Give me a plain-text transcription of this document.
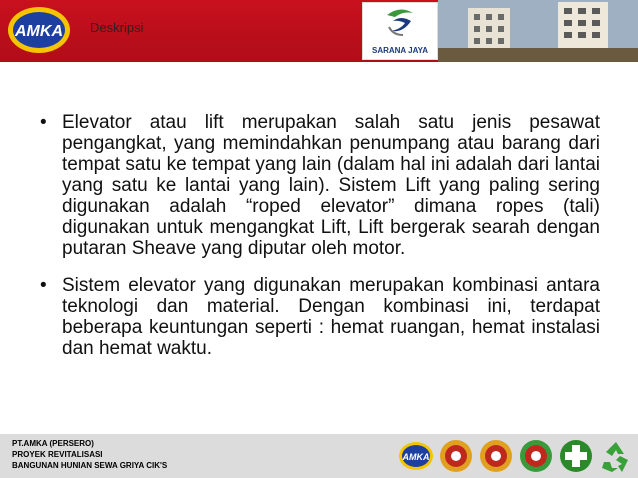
AMKA Deskripsi
SARANA JAYA
• Elevator atau lift merupakan salah satu jenis pesawat pengangkat, yang memindahkan penumpang atau barang dari tempat satu ke tempat yang lain (dalam hal ini adalah dari lantai yang satu ke lantai yang lain). Sistem Lift yang paling sering digunakan adalah “roped elevator” dimana ropes (tali) digunakan untuk mengangkat Lift, Lift bergerak searah dengan putaran Sheave yang diputar oleh motor.
• Sistem elevator yang digunakan merupakan kombinasi antara teknologi dan material. Dengan kombinasi ini, terdapat beberapa keuntungan seperti : hemat ruangan, hemat instalasi dan hemat waktu.
PT.AMKA (PERSERO)
PROYEK REVITALISASI
BANGUNAN HUNIAN SEWA GRIYA CIK'S
AMKA
